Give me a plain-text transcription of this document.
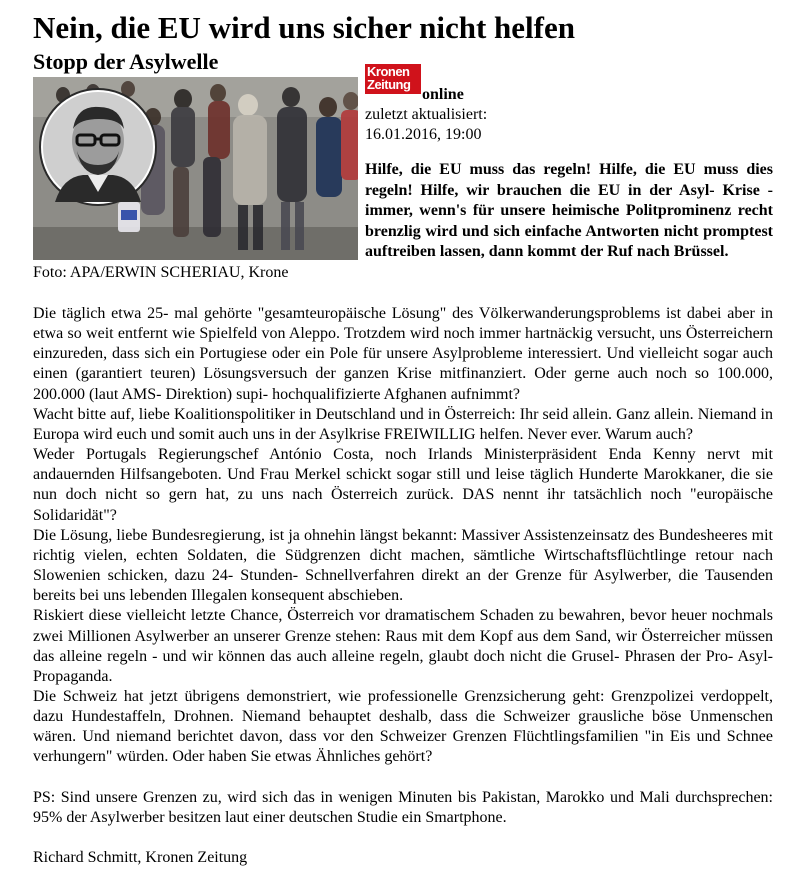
Nein, die EU wird uns sicher nicht helfen
Stopp der Asylwelle
Foto: APA/ERWIN SCHERIAU, Krone
Kronen
Zeitung
online
zuletzt aktualisiert:
16.01.2016, 19:00

Hilfe, die EU muss das regeln! Hilfe, die EU muss dies regeln! Hilfe, wir brauchen die EU in der Asyl- Krise - immer, wenn's für unsere heimische Politprominenz recht brenzlig wird und sich einfache Antworten nicht promptest auftreiben lassen, dann kommt der Ruf nach Brüssel.

Die täglich etwa 25- mal gehörte "gesamteuropäische Lösung" des Völkerwanderungsproblems ist dabei aber in etwa so weit entfernt wie Spielfeld von Aleppo. Trotzdem wird noch immer hartnäckig versucht, uns Österreichern einzureden, dass sich ein Portugiese oder ein Pole für unsere Asylprobleme interessiert. Und vielleicht sogar auch einen (garantiert teuren) Lösungsversuch der ganzen Krise mitfinanziert. Oder gerne auch noch so 100.000, 200.000 (laut AMS- Direktion) supi- hochqualifizierte Afghanen aufnimmt?

Wacht bitte auf, liebe Koalitionspolitiker in Deutschland und in Österreich: Ihr seid allein. Ganz allein. Niemand in Europa wird euch und somit auch uns in der Asylkrise FREIWILLIG helfen. Never ever. Warum auch?

Weder Portugals Regierungschef António Costa, noch Irlands Ministerpräsident Enda Kenny nervt mit andauernden Hilfsangeboten. Und Frau Merkel schickt sogar still und leise täglich Hunderte Marokkaner, die sie nun doch nicht so gern hat, zu uns nach Österreich zurück. DAS nennt ihr tatsächlich noch "europäische Solidaridät"?

Die Lösung, liebe Bundesregierung, ist ja ohnehin längst bekannt: Massiver Assistenzeinsatz des Bundesheeres mit richtig vielen, echten Soldaten, die Südgrenzen dicht machen, sämtliche Wirtschaftsflüchtlinge retour nach Slowenien schicken, dazu 24- Stunden- Schnellverfahren direkt an der Grenze für Asylwerber, die Tausenden bereits bei uns lebenden Illegalen konsequent abschieben.

Riskiert diese vielleicht letzte Chance, Österreich vor dramatischem Schaden zu bewahren, bevor heuer nochmals zwei Millionen Asylwerber an unserer Grenze stehen: Raus mit dem Kopf aus dem Sand, wir Österreicher müssen das alleine regeln - und wir können das auch alleine regeln, glaubt doch nicht die Grusel- Phrasen der Pro- Asyl- Propaganda.

Die Schweiz hat jetzt übrigens demonstriert, wie professionelle Grenzsicherung geht: Grenzpolizei verdoppelt, dazu Hundestaffeln, Drohnen. Niemand behauptet deshalb, dass die Schweizer grausliche böse Unmenschen wären. Und niemand berichtet davon, dass vor den Schweizer Grenzen Flüchtlingsfamilien "in Eis und Schnee verhungern" würden. Oder haben Sie etwas Ähnliches gehört?

PS: Sind unsere Grenzen zu, wird sich das in wenigen Minuten bis Pakistan, Marokko und Mali durchsprechen: 95% der Asylwerber besitzen laut einer deutschen Studie ein Smartphone.

Richard Schmitt, Kronen Zeitung
